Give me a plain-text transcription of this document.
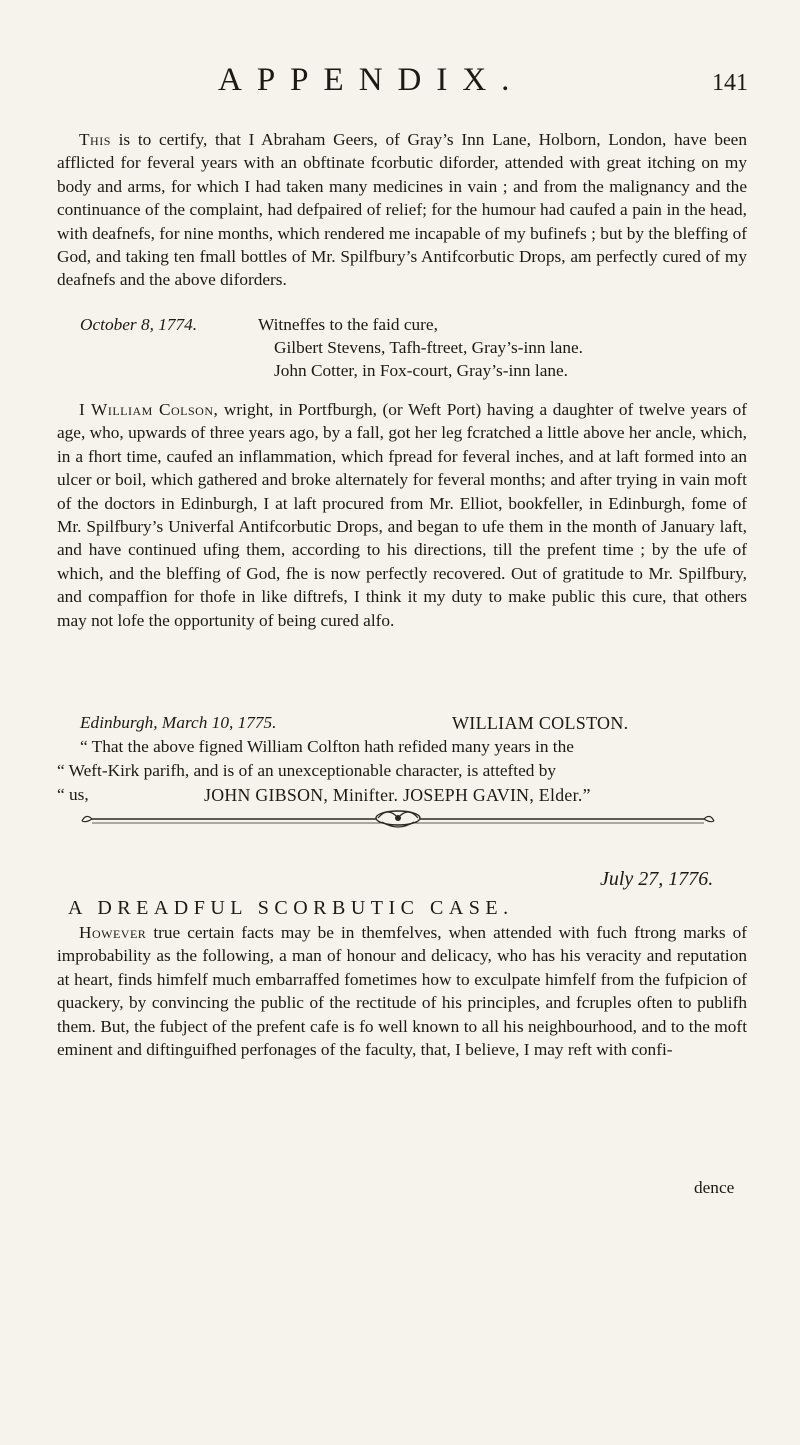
APPENDIX.	141

This is to certify, that I Abraham Geers, of Gray’s Inn Lane, Holborn, London, have been afflicted for feveral years with an obftinate fcorbutic diforder, attended with great itching on my body and arms, for which I had taken many medicines in vain ; and from the malignancy and the continuance of the complaint, had defpaired of relief; for the humour had caufed a pain in the head, with deafnefs, for nine months, which rendered me incapable of my bufinefs ; but by the bleffing of God, and taking ten fmall bottles of Mr. Spilfbury’s Antifcorbutic Drops, am perfectly cured of my deafnefs and the above diforders.

October 8, 1774.	Witneffes to the faid cure,
Gilbert Stevens, Tafh-ftreet, Gray’s-inn lane.
John Cotter, in Fox-court, Gray’s-inn lane.

I William Colson, wright, in Portfburgh, (or Weft Port) having a daughter of twelve years of age, who, upwards of three years ago, by a fall, got her leg fcratched a little above her ancle, which, in a fhort time, caufed an inflammation, which fpread for feveral inches, and at laft formed into an ulcer or boil, which gathered and broke alternately for feveral months; and after trying in vain moft of the doctors in Edinburgh, I at laft procured from Mr. Elliot, bookfeller, in Edinburgh, fome of Mr. Spilfbury’s Univerfal Antifcorbutic Drops, and began to ufe them in the month of January laft, and have continued ufing them, according to his directions, till the prefent time ; by the ufe of which, and the bleffing of God, fhe is now perfectly recovered. Out of gratitude to Mr. Spilfbury, and compaffion for thofe in like diftrefs, I think it my duty to make public this cure, that others may not lofe the opportunity of being cured alfo.

Edinburgh, March 10, 1775.	WILLIAM COLSTON.
“ That the above figned William Colfton hath refided many years in the
“ Weft-Kirk parifh, and is of an unexceptionable character, is attefted by
“ us,	JOHN GIBSON, Minifter. JOSEPH GAVIN, Elder.”
July 27, 1776.
A DREADFUL SCORBUTIC CASE.

However true certain facts may be in themfelves, when attended with fuch ftrong marks of improbability as the following, a man of honour and delicacy, who has his veracity and reputation at heart, finds himfelf much embarraffed fometimes how to exculpate himfelf from the fufpicion of quackery, by convincing the public of the rectitude of his principles, and fcruples often to publifh them. But, the fubject of the prefent cafe is fo well known to all his neighbourhood, and to the moft eminent and diftinguifhed perfonages of the faculty, that, I believe, I may reft with confi-

dence
